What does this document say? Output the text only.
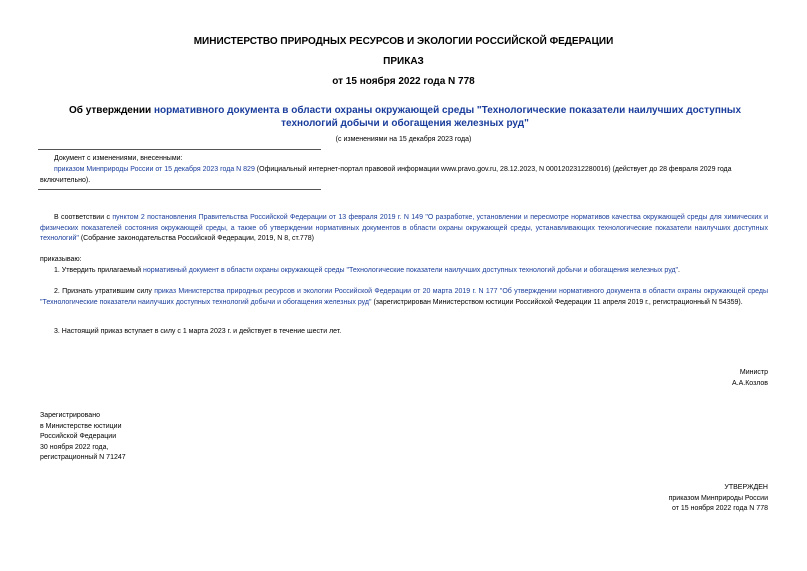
МИНИСТЕРСТВО ПРИРОДНЫХ РЕСУРСОВ И ЭКОЛОГИИ РОССИЙСКОЙ ФЕДЕРАЦИИ
ПРИКАЗ
от 15 ноября 2022 года N 778
Об утверждении нормативного документа в области охраны окружающей среды "Технологические показатели наилучших доступных технологий добычи и обогащения железных руд"
(с изменениями на 15 декабря 2023 года)
Документ с изменениями, внесенными:
приказом Минприроды России от 15 декабря 2023 года N 829 (Официальный интернет-портал правовой информации www.pravo.gov.ru, 28.12.2023, N 0001202312280016) (действует до 28 февраля 2029 года включительно).
В соответствии с пунктом 2 постановления Правительства Российской Федерации от 13 февраля 2019 г. N 149 "О разработке, установлении и пересмотре нормативов качества окружающей среды для химических и физических показателей состояния окружающей среды, а также об утверждении нормативных документов в области охраны окружающей среды, устанавливающих технологические показатели наилучших доступных технологий" (Собрание законодательства Российской Федерации, 2019, N 8, ст.778)
приказываю:
1. Утвердить прилагаемый нормативный документ в области охраны окружающей среды "Технологические показатели наилучших доступных технологий добычи и обогащения железных руд".
2. Признать утратившим силу приказ Министерства природных ресурсов и экологии Российской Федерации от 20 марта 2019 г. N 177 "Об утверждении нормативного документа в области охраны окружающей среды "Технологические показатели наилучших доступных технологий добычи и обогащения железных руд" (зарегистрирован Министерством юстиции Российской Федерации 11 апреля 2019 г., регистрационный N 54359).
3. Настоящий приказ вступает в силу с 1 марта 2023 г. и действует в течение шести лет.
Министр
А.А.Козлов
Зарегистрировано
в Министерстве юстиции
Российской Федерации
30 ноября 2022 года,
регистрационный N 71247
УТВЕРЖДЕН
приказом Минприроды России
от 15 ноября 2022 года N 778
